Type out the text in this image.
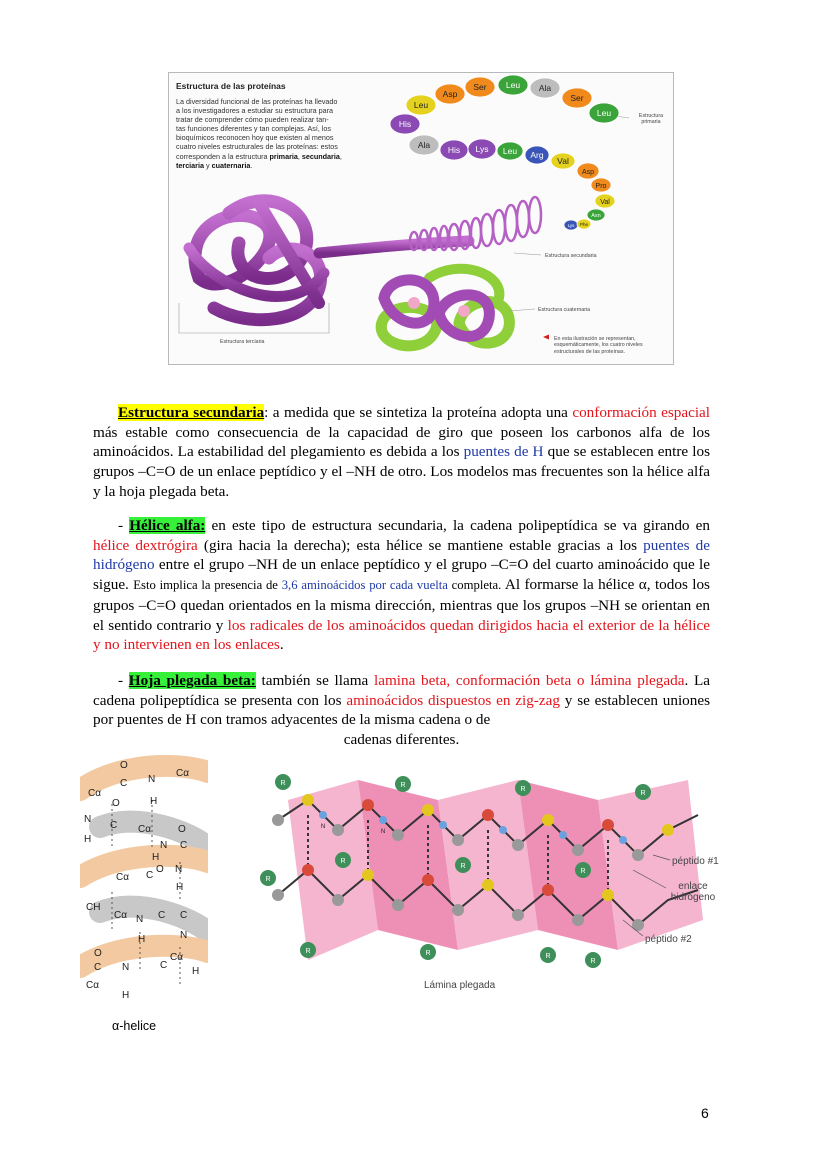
Leu
Asp
Ser Leu Ala
Ser
Leu
His
Ala His Lys Leu Arg
Val
Asp
Pro
Val
Asn
Lys Phe
Estructura de las proteínas
La diversidad funcional de las proteínas ha llevado
a los investigadores a estudiar su estructura para
tratar de comprender cómo pueden realizar tan-
tas funciones diferentes y tan complejas. Así, los
bioquímicos reconocen hoy que existen al menos
cuatro niveles estructurales de las proteínas: estos
corresponden a la estructura primaria, secundaria,
terciaria y cuaternaria.
Estructura primaria
Estructura secundaria
Estructura cuaternaria
Estructura terciaria	En esta ilustración se representan, esquemáticamente, los cuatro niveles estructurales de las proteínas.

Estructura secundaria: a medida que se sintetiza la proteína adopta una conformación espacial más estable como consecuencia de la capacidad de giro que poseen los carbonos alfa de los aminoácidos. La estabilidad del plegamiento es debida a los puentes de H que se establecen entre los grupos –C=O de un enlace peptídico y el –NH de otro. Los modelos mas frecuentes son la hélice alfa y la hoja plegada beta.

- Hélice alfa: en este tipo de estructura secundaria, la cadena polipeptídica se va girando en hélice dextrógira (gira hacia la derecha); esta hélice se mantiene estable gracias a los puentes de hidrógeno entre el grupo –NH de un enlace peptídico y el grupo –C=O del cuarto aminoácido que le sigue. Esto implica la presencia de 3,6 aminoácidos por cada vuelta completa. Al formarse la hélice α, todos los grupos –C=O quedan orientados en la misma dirección, mientras que los grupos –NH se orientan en el sentido contrario y los radicales de los aminoácidos quedan dirigidos hacia el exterior de la hélice y no intervienen en los enlaces.

- Hoja plegada beta: también se llama lamina beta, conformación beta o lámina plegada. La cadena polipeptídica se presenta con los aminoácidos dispuestos en zig-zag y se establecen uniones por puentes de H con tramos adyacentes de la misma cadena o de

cadenas diferentes.

O
C N
Cα
Cα
O	H
N
C Cα	O
H
C
N
Cα
H
O N
C
H
CH
Cα N C C
O
H	N
C
Cα
N	C
H
Cα
H
α-helice
R	R
R
R
R
R
R
R
R	R	R
R
N
N
péptido #1
enlace hidrógeno
péptido #2
Lámina plegada
6
